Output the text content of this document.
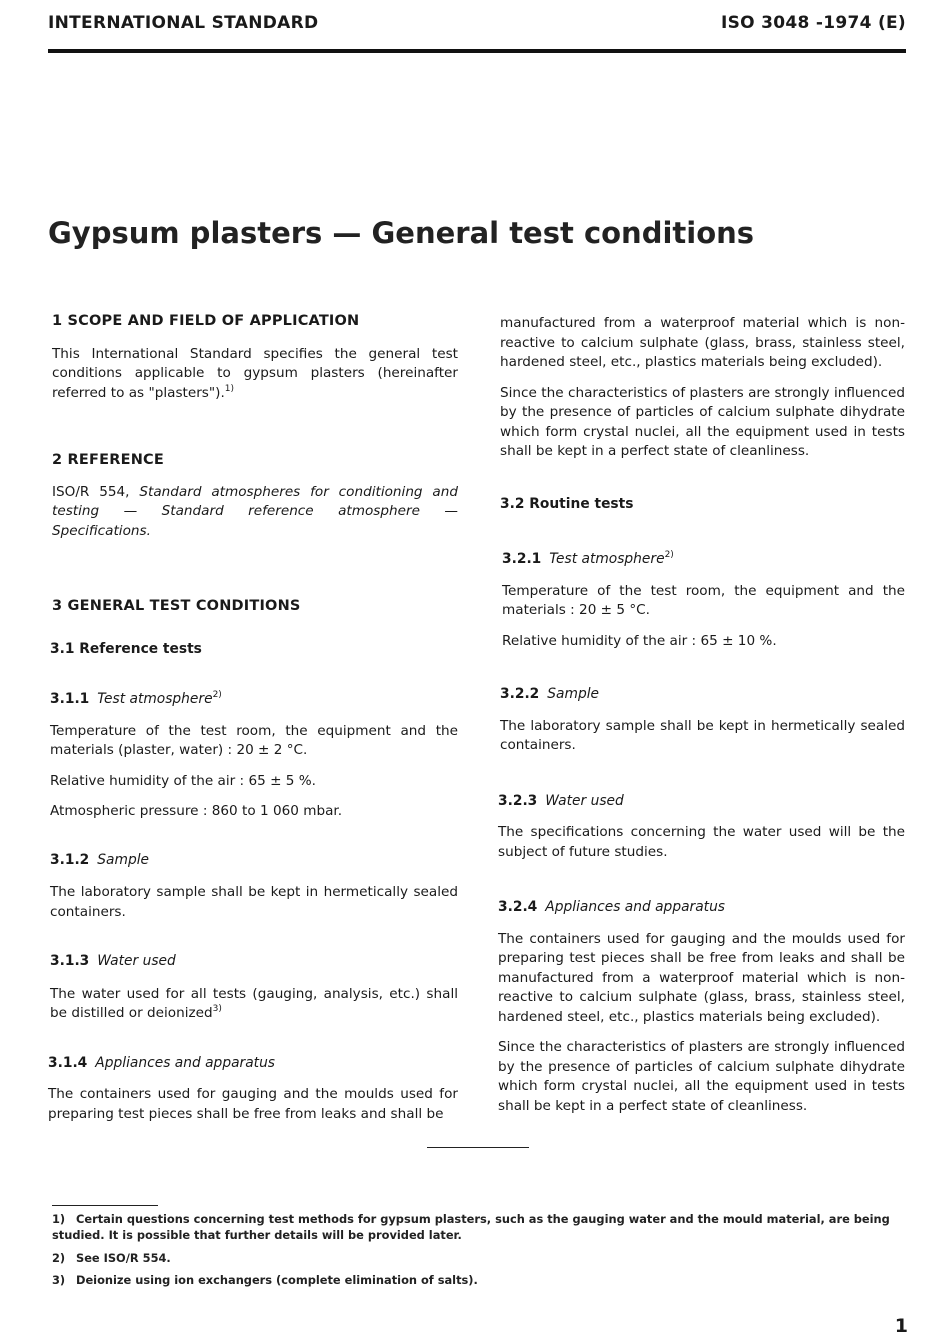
INTERNATIONAL STANDARD	ISO 3048 -1974 (E)
Gypsum plasters — General test conditions
1 SCOPE AND FIELD OF APPLICATION

This International Standard specifies the general test conditions applicable to gypsum plasters (hereinafter referred to as "plasters").$^{1)}$

2 REFERENCE

ISO/R 554, Standard atmospheres for conditioning and testing — Standard reference atmosphere — Specifications.

3 GENERAL TEST CONDITIONS
3.1 Reference tests
3.1.1 Test atmosphere$^{2)}$

Temperature of the test room, the equipment and the materials (plaster, water) : 20 ± 2 °C.

Relative humidity of the air : 65 ± 5 %.

Atmospheric pressure : 860 to 1 060 mbar.

3.1.2 Sample

The laboratory sample shall be kept in hermetically sealed containers.

3.1.3 Water used

The water used for all tests (gauging, analysis, etc.) shall be distilled or deionized$^{3)}$

3.1.4 Appliances and apparatus

The containers used for gauging and the moulds used for preparing test pieces shall be free from leaks and shall be

manufactured from a waterproof material which is non-reactive to calcium sulphate (glass, brass, stainless steel, hardened steel, etc., plastics materials being excluded).

Since the characteristics of plasters are strongly influenced by the presence of particles of calcium sulphate dihydrate which form crystal nuclei, all the equipment used in tests shall be kept in a perfect state of cleanliness.

3.2 Routine tests
3.2.1 Test atmosphere$^{2)}$

Temperature of the test room, the equipment and the materials : 20 ± 5 °C.

Relative humidity of the air : 65 ± 10 %.

3.2.2 Sample

The laboratory sample shall be kept in hermetically sealed containers.

3.2.3 Water used

The specifications concerning the water used will be the subject of future studies.

3.2.4 Appliances and apparatus

The containers used for gauging and the moulds used for preparing test pieces shall be free from leaks and shall be manufactured from a waterproof material which is non-reactive to calcium sulphate (glass, brass, stainless steel, hardened steel, etc., plastics materials being excluded).

Since the characteristics of plasters are strongly influenced by the presence of particles of calcium sulphate dihydrate which form crystal nuclei, all the equipment used in tests shall be kept in a perfect state of cleanliness.

1) Certain questions concerning test methods for gypsum plasters, such as the gauging water and the mould material, are being studied. It is possible that further details will be provided later.
2) See ISO/R 554.
3) Deionize using ion exchangers (complete elimination of salts).
1
